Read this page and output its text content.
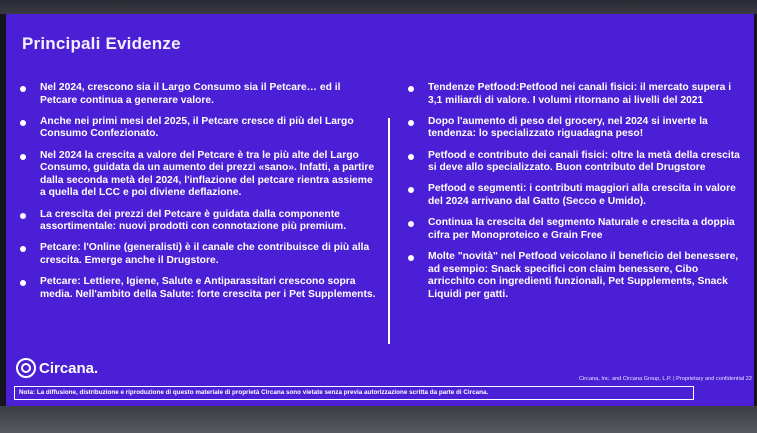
Principali Evidenze
Nel 2024, crescono sia il Largo Consumo sia il Petcare… ed il Petcare continua a generare valore.
Anche nei primi mesi del 2025, il Petcare cresce di più del Largo Consumo Confezionato.
Nel 2024 la crescita a valore del Petcare è tra le più alte del Largo Consumo, guidata da un aumento dei prezzi «sano». Infatti, a partire dalla seconda metà del 2024, l'inflazione del petcare rientra assieme a quella del LCC e poi diviene deflazione.
La crescita dei prezzi del Petcare è guidata dalla componente assortimentale: nuovi prodotti con connotazione più premium.
Petcare: l'Online (generalisti) è il canale che contribuisce di più alla crescita. Emerge anche il Drugstore.
Petcare: Lettiere, Igiene, Salute e Antiparassitari crescono sopra media. Nell'ambito della Salute: forte crescita per i Pet Supplements.
Tendenze Petfood:Petfood nei canali fisici: il mercato supera i 3,1 miliardi di valore. I volumi ritornano ai livelli del 2021
Dopo l'aumento di peso del grocery, nel 2024 si inverte la tendenza: lo specializzato riguadagna peso!
Petfood e contributo dei canali fisici: oltre la metà della crescita si deve allo specializzato. Buon contributo del Drugstore
Petfood e segmenti: i contributi maggiori alla crescita in valore del 2024 arrivano dal Gatto (Secco e Umido).
Continua la crescita del segmento Naturale e crescita a doppia cifra per Monoproteico e Grain Free
Molte "novità" nel Petfood veicolano il beneficio del benessere, ad esempio: Snack specifici con claim benessere, Cibo arricchito con ingredienti funzionali, Pet Supplements, Snack Liquidi per gatti.
Circana.
Circana, Inc. and Circana Group, L.P. | Proprietary and confidential 22
Nota: La diffusione, distribuzione e riproduzione di questo materiale di proprietà Circana sono vietate senza previa autorizzazione scritta da parte di Circana.
